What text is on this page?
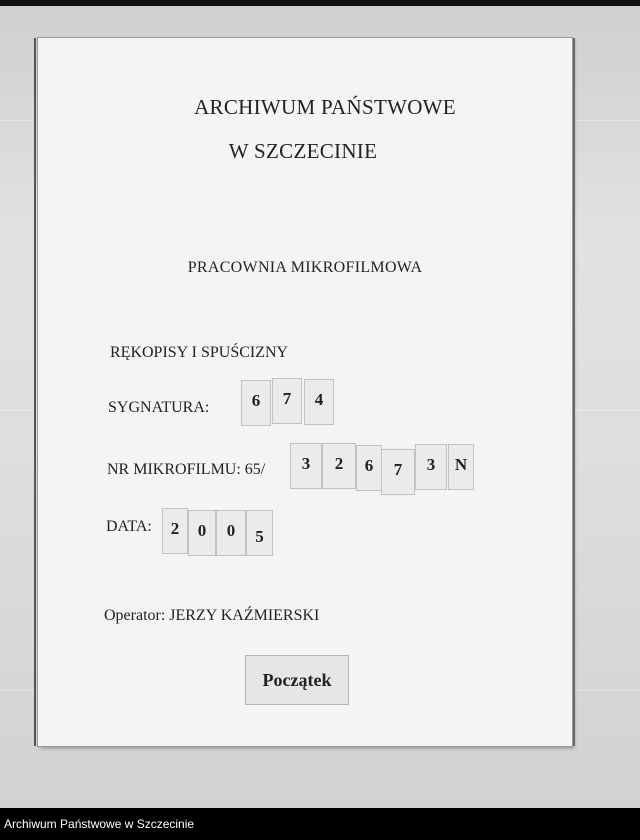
ARCHIWUM PAŃSTWOWE
W SZCZECINIE
PRACOWNIA MIKROFILMOWA
RĘKOPISY I SPUŚCIZNY
SYGNATURA:	6	7	4
NR MIKROFILMU: 65/	3	2	6	7	3	N
DATA:	2	0	0	5
Operator: JERZY KAŹMIERSKI
Początek
Archiwum Państwowe w Szczecinie
